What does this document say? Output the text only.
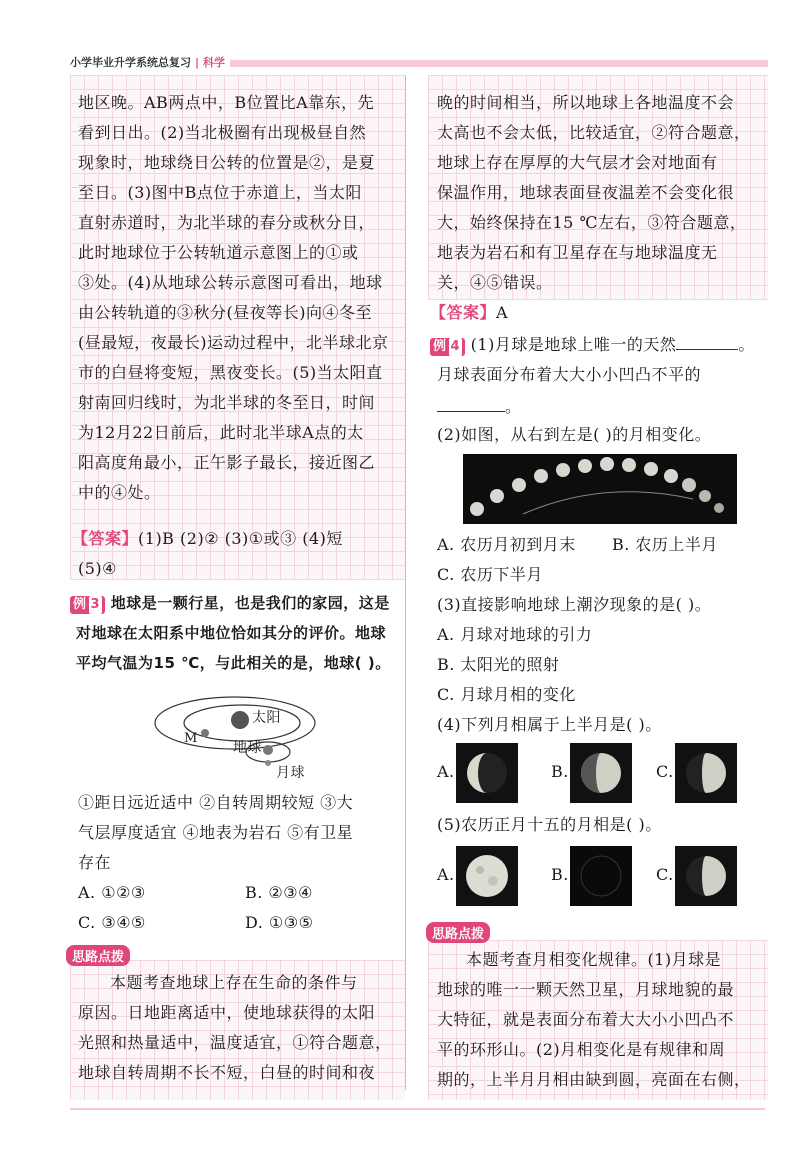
小学毕业升学系统总复习 | 科学
地区晚。AB两点中，B位置比A靠东，先
看到日出。(2)当北极圈有出现极昼自然
现象时，地球绕日公转的位置是②，是夏
至日。(3)图中B点位于赤道上，当太阳
直射赤道时，为北半球的春分或秋分日，
此时地球位于公转轨道示意图上的①或
③处。(4)从地球公转示意图可看出，地球
由公转轨道的③秋分(昼夜等长)向④冬至
(昼最短，夜最长)运动过程中，北半球北京
市的白昼将变短，黑夜变长。(5)当太阳直
射南回归线时，为北半球的冬至日，时间
为12月22日前后，此时北半球A点的太
阳高度角最小，正午影子最长，接近图乙
中的④处。
【答案】(1)B (2)② (3)①或③ (4)短
(5)④
例 3 地球是一颗行星，也是我们的家园，这是
对地球在太阳系中地位恰如其分的评价。地球
平均气温为15 ℃，与此相关的是，地球( )。
太阳
M
地球
月球
①距日远近适中 ②自转周期较短 ③大
气层厚度适宜 ④地表为岩石 ⑤有卫星
存在
A. ①②③	B. ②③④
C. ③④⑤	D. ①③⑤
思路点拨
本题考查地球上存在生命的条件与
原因。日地距离适中，使地球获得的太阳
光照和热量适中，温度适宜，①符合题意，
地球自转周期不长不短，白昼的时间和夜
晚的时间相当，所以地球上各地温度不会
太高也不会太低，比较适宜，②符合题意，
地球上存在厚厚的大气层才会对地面有
保温作用，地球表面昼夜温差不会变化很
大，始终保持在15 ℃左右，③符合题意，
地表为岩石和有卫星存在与地球温度无
关，④⑤错误。
【答案】A
例 4 (1)月球是地球上唯一的天然	。
月球表面分布着大大小小凹凸不平的
。
(2)如图，从右到左是( )的月相变化。
A. 农历月初到月末 B. 农历上半月
C. 农历下半月
(3)直接影响地球上潮汐现象的是( )。
A. 月球对地球的引力
B. 太阳光的照射
C. 月球月相的变化
(4)下列月相属于上半月是( )。
A.	B.	C.
(5)农历正月十五的月相是( )。
A.	B.	C.
思路点拨
本题考查月相变化规律。(1)月球是
地球的唯一一颗天然卫星，月球地貌的最
大特征，就是表面分布着大大小小凹凸不
平的环形山。(2)月相变化是有规律和周
期的，上半月月相由缺到圆，亮面在右侧，
